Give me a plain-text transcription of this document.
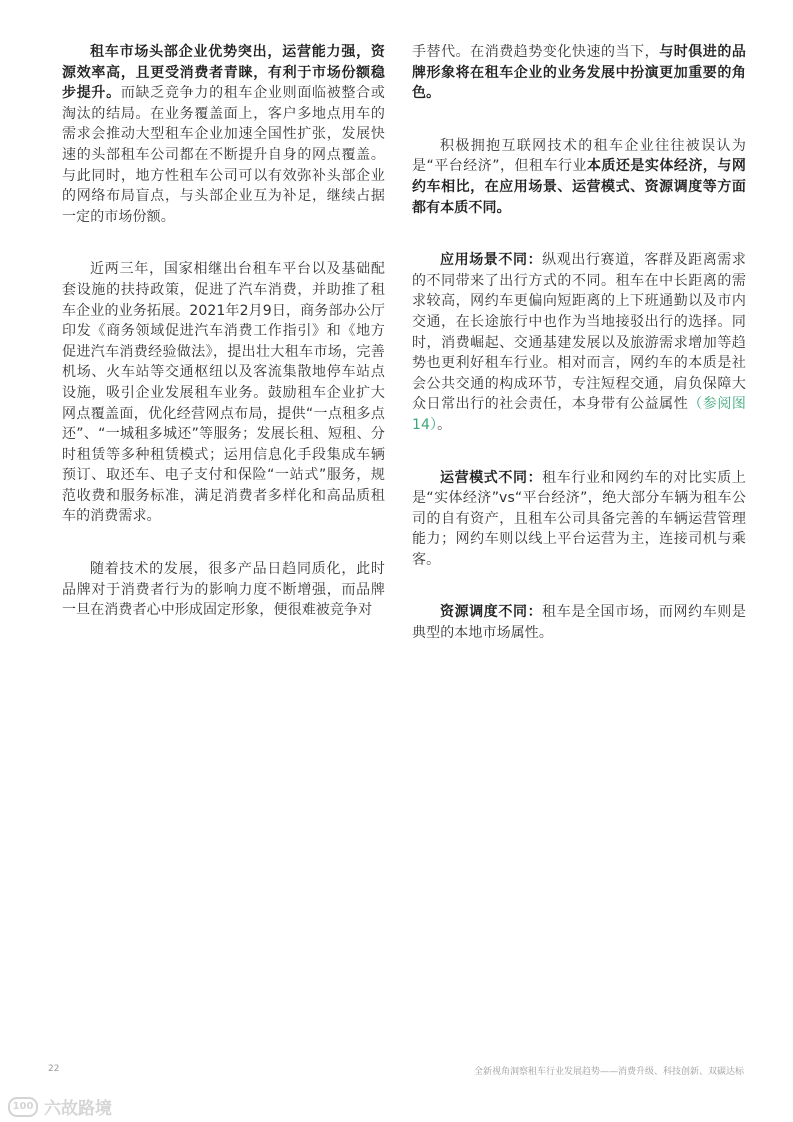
租车市场头部企业优势突出，运营能力强，资源效率高，且更受消费者青睐，有利于市场份额稳步提升。而缺乏竞争力的租车企业则面临被整合或淘汰的结局。在业务覆盖面上，客户多地点用车的需求会推动大型租车企业加速全国性扩张，发展快速的头部租车公司都在不断提升自身的网点覆盖。与此同时，地方性租车公司可以有效弥补头部企业的网络布局盲点，与头部企业互为补足，继续占据一定的市场份额。

近两三年，国家相继出台租车平台以及基础配套设施的扶持政策，促进了汽车消费，并助推了租车企业的业务拓展。2021年2月9日，商务部办公厅印发《商务领域促进汽车消费工作指引》和《地方促进汽车消费经验做法》，提出壮大租车市场，完善机场、火车站等交通枢纽以及客流集散地停车站点设施，吸引企业发展租车业务。鼓励租车企业扩大网点覆盖面，优化经营网点布局，提供“一点租多点还”、“一城租多城还”等服务；发展长租、短租、分时租赁等多种租赁模式；运用信息化手段集成车辆预订、取还车、电子支付和保险“一站式”服务，规范收费和服务标准，满足消费者多样化和高品质租车的消费需求。

随着技术的发展，很多产品日趋同质化，此时品牌对于消费者行为的影响力度不断增强，而品牌一旦在消费者心中形成固定形象，便很难被竞争对

手替代。在消费趋势变化快速的当下，与时俱进的品牌形象将在租车企业的业务发展中扮演更加重要的角色。

积极拥抱互联网技术的租车企业往往被误认为是“平台经济”，但租车行业本质还是实体经济，与网约车相比，在应用场景、运营模式、资源调度等方面都有本质不同。

应用场景不同：纵观出行赛道，客群及距离需求的不同带来了出行方式的不同。租车在中长距离的需求较高，网约车更偏向短距离的上下班通勤以及市内交通，在长途旅行中也作为当地接驳出行的选择。同时，消费崛起、交通基建发展以及旅游需求增加等趋势也更利好租车行业。相对而言，网约车的本质是社会公共交通的构成环节，专注短程交通，肩负保障大众日常出行的社会责任，本身带有公益属性（参阅图14）。

运营模式不同：租车行业和网约车的对比实质上是“实体经济”vs“平台经济”，绝大部分车辆为租车公司的自有资产，且租车公司具备完善的车辆运营管理能力；网约车则以线上平台运营为主，连接司机与乘客。

资源调度不同：租车是全国市场，而网约车则是典型的本地市场属性。

22	全新视角洞察租车行业发展趋势——消费升级、科技创新、双碳达标
100 六故路境
